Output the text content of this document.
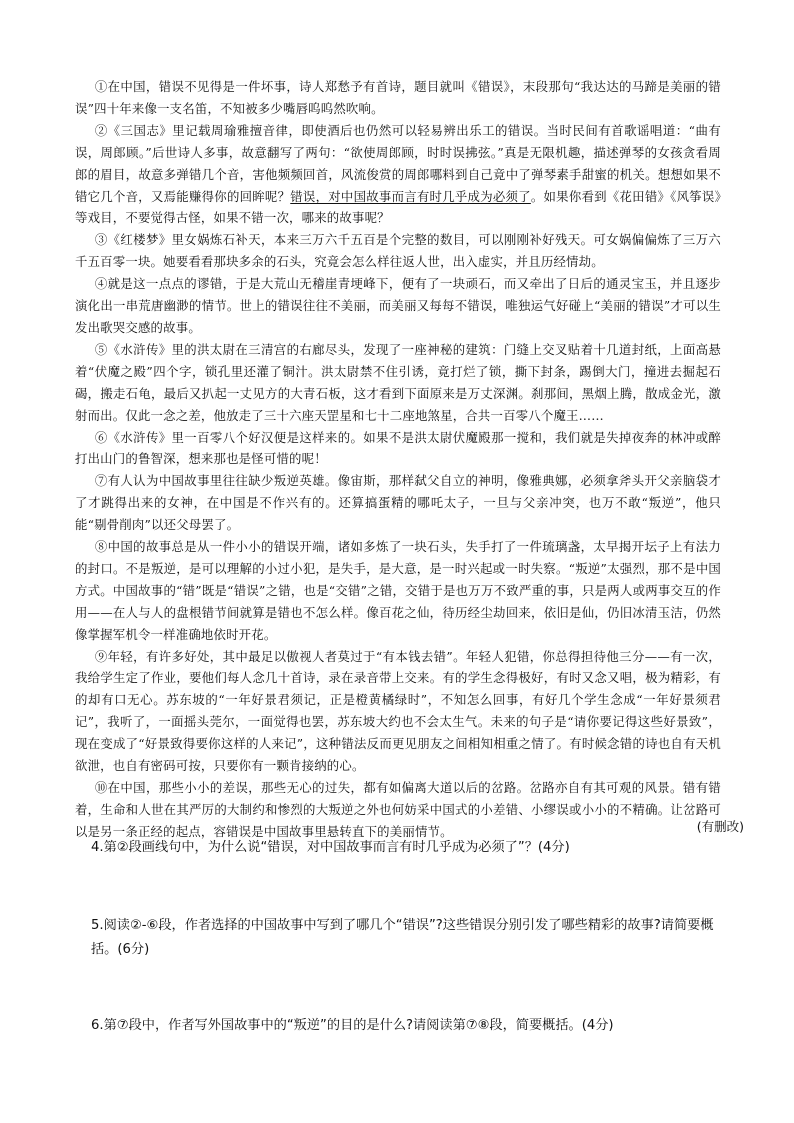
①在中国，错误不见得是一件坏事，诗人郑愁予有首诗，题目就叫《错误》，末段那句“我达达的马蹄是美丽的错误”四十年来像一支名笛，不知被多少嘴唇呜呜然吹响。

②《三国志》里记载周瑜雅擅音律，即使酒后也仍然可以轻易辨出乐工的错误。当时民间有首歌谣唱道：“曲有误，周郎顾。”后世诗人多事，故意翻写了两句：“欲使周郎顾，时时误拂弦。”真是无限机趣，描述弹琴的女孩贪看周郎的眉目，故意多弹错几个音，害他频频回首，风流俊赏的周郎哪料到自己竟中了弹琴素手甜蜜的机关。想想如果不错它几个音，又焉能赚得你的回眸呢？错误，对中国故事而言有时几乎成为必须了。如果你看到《花田错》《风筝误》等戏目，不要觉得古怪，如果不错一次，哪来的故事呢？

③《红楼梦》里女娲炼石补天，本来三万六千五百是个完整的数目，可以刚刚补好残天。可女娲偏偏炼了三万六千五百零一块。她要看看那块多余的石头，究竟会怎么样往返人世，出入虚实，并且历经情劫。

④就是这一点点的谬错，于是大荒山无稽崖青埂峰下，便有了一块顽石，而又牵出了日后的通灵宝玉，并且逐步演化出一串荒唐幽渺的情节。世上的错误往往不美丽，而美丽又每每不错误，唯独运气好碰上“美丽的错误”才可以生发出歌哭交感的故事。

⑤《水浒传》里的洪太尉在三清宫的右廊尽头，发现了一座神秘的建筑：门缝上交叉贴着十几道封纸，上面高悬着“伏魔之殿”四个字，锁孔里还灌了铜汁。洪太尉禁不住引诱，竟打烂了锁，撕下封条，踢倒大门，撞进去掘起石碣，搬走石龟，最后又扒起一丈见方的大青石板，这才看到下面原来是万丈深渊。刹那间，黑烟上腾，散成金光，激射而出。仅此一念之差，他放走了三十六座天罡星和七十二座地煞星，合共一百零八个魔王……

⑥《水浒传》里一百零八个好汉便是这样来的。如果不是洪太尉伏魔殿那一搅和，我们就是失掉夜奔的林冲或醉打出山门的鲁智深，想来那也是怪可惜的呢！

⑦有人认为中国故事里往往缺少叛逆英雄。像宙斯，那样弑父自立的神明，像雅典娜，必须拿斧头开父亲脑袋才了才跳得出来的女神，在中国是不作兴有的。还算搞蛋精的哪吒太子，一旦与父亲冲突，也万不敢“叛逆”，他只能“剔骨削肉”以还父母罢了。

⑧中国的故事总是从一件小小的错误开端，诸如多炼了一块石头，失手打了一件琉璃盏，太早揭开坛子上有法力的封口。不是叛逆，是可以理解的小过小犯，是失手，是大意，是一时兴起或一时失察。“叛逆”太强烈，那不是中国方式。中国故事的“错”既是“错误”之错，也是“交错”之错，交错于是也万万不致严重的事，只是两人或两事交互的作用——在人与人的盘根错节间就算是错也不怎么样。像百花之仙，待历经尘劫回来，依旧是仙，仍旧冰清玉洁，仍然像掌握军机令一样准确地依时开花。

⑨年轻，有许多好处，其中最足以傲视人者莫过于“有本钱去错”。年轻人犯错，你总得担待他三分——有一次，我给学生定了作业，要他们每人念几十首诗，录在录音带上交来。有的学生念得极好，有时又念又唱，极为精彩，有的却有口无心。苏东坡的“一年好景君须记，正是橙黄橘绿时”，不知怎么回事，有好几个学生念成“一年好景须君记”，我听了，一面摇头莞尔，一面觉得也罢，苏东坡大约也不会太生气。未来的句子是“请你要记得这些好景致”，现在变成了“好景致得要你这样的人来记”，这种错法反而更见朋友之间相知相重之情了。有时候念错的诗也自有天机欲泄，也自有密码可按，只要你有一颗肯接纳的心。

⑩在中国，那些小小的差误，那些无心的过失，都有如偏离大道以后的岔路。岔路亦自有其可观的风景。错有错着，生命和人世在其严厉的大制约和惨烈的大叛逆之外也何妨采中国式的小差错、小缪误或小小的不精确。让岔路可以是另一条正经的起点，容错误是中国故事里悬转直下的美丽情节。	(有删改)

4.第②段画线句中，为什么说“错误，对中国故事而言有时几乎成为必须了”？(4分)

5.阅读②-⑥段，作者选择的中国故事中写到了哪几个“错误”?这些错误分别引发了哪些精彩的故事?请简要概括。(6分)

6.第⑦段中，作者写外国故事中的“叛逆”的目的是什么?请阅读第⑦⑧段，简要概括。(4分)
